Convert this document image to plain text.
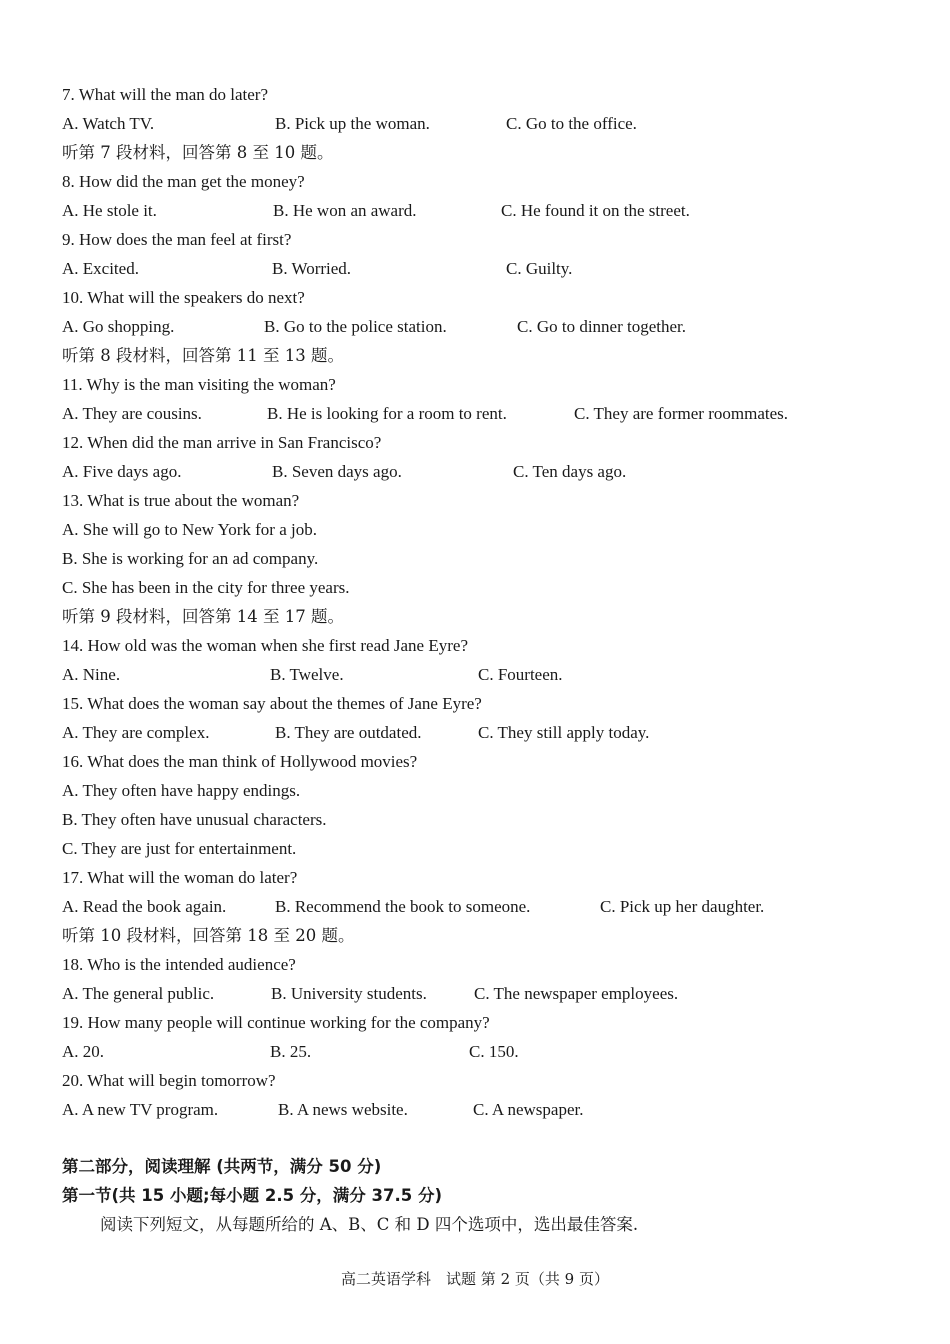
7. What will the man do later?
A. Watch TV.	B. Pick up the woman.	C. Go to the office.
听第 7 段材料，回答第 8 至 10 题。
8. How did the man get the money?
A. He stole it.	B. He won an award.	C. He found it on the street.
9. How does the man feel at first?
A. Excited.	B. Worried.	C. Guilty.
10. What will the speakers do next?
A. Go shopping.	B. Go to the police station.	C. Go to dinner together.
听第 8 段材料，回答第 11 至 13 题。
11. Why is the man visiting the woman?
A. They are cousins.	B. He is looking for a room to rent.	C. They are former roommates.
12. When did the man arrive in San Francisco?
A. Five days ago.	B. Seven days ago.	C. Ten days ago.
13. What is true about the woman?
A. She will go to New York for a job.
B. She is working for an ad company.
C. She has been in the city for three years.
听第 9 段材料，回答第 14 至 17 题。
14. How old was the woman when she first read Jane Eyre?
A. Nine.	B. Twelve.	C. Fourteen.
15. What does the woman say about the themes of Jane Eyre?
A. They are complex.	B. They are outdated.	C. They still apply today.
16. What does the man think of Hollywood movies?
A. They often have happy endings.
B. They often have unusual characters.
C. They are just for entertainment.
17. What will the woman do later?
A. Read the book again.	B. Recommend the book to someone.	C. Pick up her daughter.
听第 10 段材料，回答第 18 至 20 题。
18. Who is the intended audience?
A. The general public.	B. University students.	C. The newspaper employees.
19. How many people will continue working for the company?
A. 20.	B. 25.	C. 150.
20. What will begin tomorrow?
A. A new TV program.	B. A news website.	C. A newspaper.
第二部分，阅读理解 (共两节，满分 50 分)
第一节(共 15 小题;每小题 2.5 分，满分 37.5 分)
阅读下列短文，从每题所给的 A、B、C 和 D 四个选项中，选出最佳答案.
高二英语学科　试题 第 2 页（共 9 页）
